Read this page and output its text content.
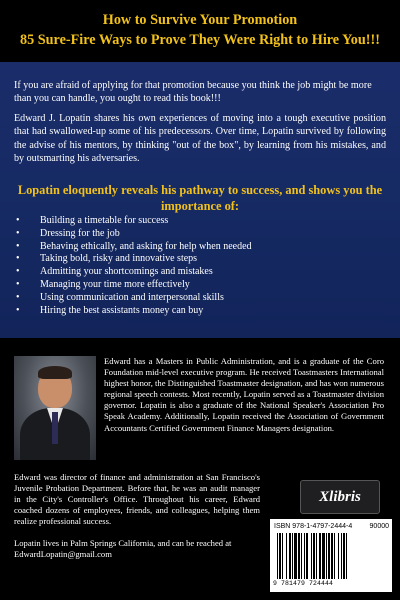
How to Survive Your Promotion
85 Sure-Fire Ways to Prove They Were Right to Hire You!!!
If you are afraid of applying for that promotion because you think the job might be more than you can handle, you ought to read this book!!!
Edward J. Lopatin shares his own experiences of moving into a tough executive position that had swallowed-up some of his predecessors. Over time, Lopatin survived by following the advise of his mentors, by thinking "out of the box", by learning from his mistakes, and by outsmarting his adversaries.
Lopatin eloquently reveals his pathway to success, and shows you the importance of:
• Building a timetable for success
• Dressing for the job
• Behaving ethically, and asking for help when needed
• Taking bold, risky and innovative steps
• Admitting your shortcomings and mistakes
• Managing your time more effectively
• Using communication and interpersonal skills
• Hiring the best assistants money can buy
Edward has a Masters in Public Administration, and is a graduate of the Coro Foundation mid-level executive program. He received Toastmasters International highest honor, the Distinguished Toastmaster designation, and has won numerous regional speech contests. Most recently, Lopatin served as a Toastmaster division governor. Lopatin is also a graduate of the National Speaker's Association Pro Speak Academy. Additionally, Lopatin received the Association of Government Accountants Certified Government Finance Managers designation.
Edward was director of finance and administration at San Francisco's Juvenile Probation Department. Before that, he was an audit manager in the City's Controller's Office. Throughout his career, Edward coached dozens of employees, friends, and colleagues, helping them realize professional success.
Lopatin lives in Palm Springs California, and can be reached at EdwardLopatin@gmail.com
Xlibris
ISBN 978-1-4797-2444-4 90000
9 781479 724444
